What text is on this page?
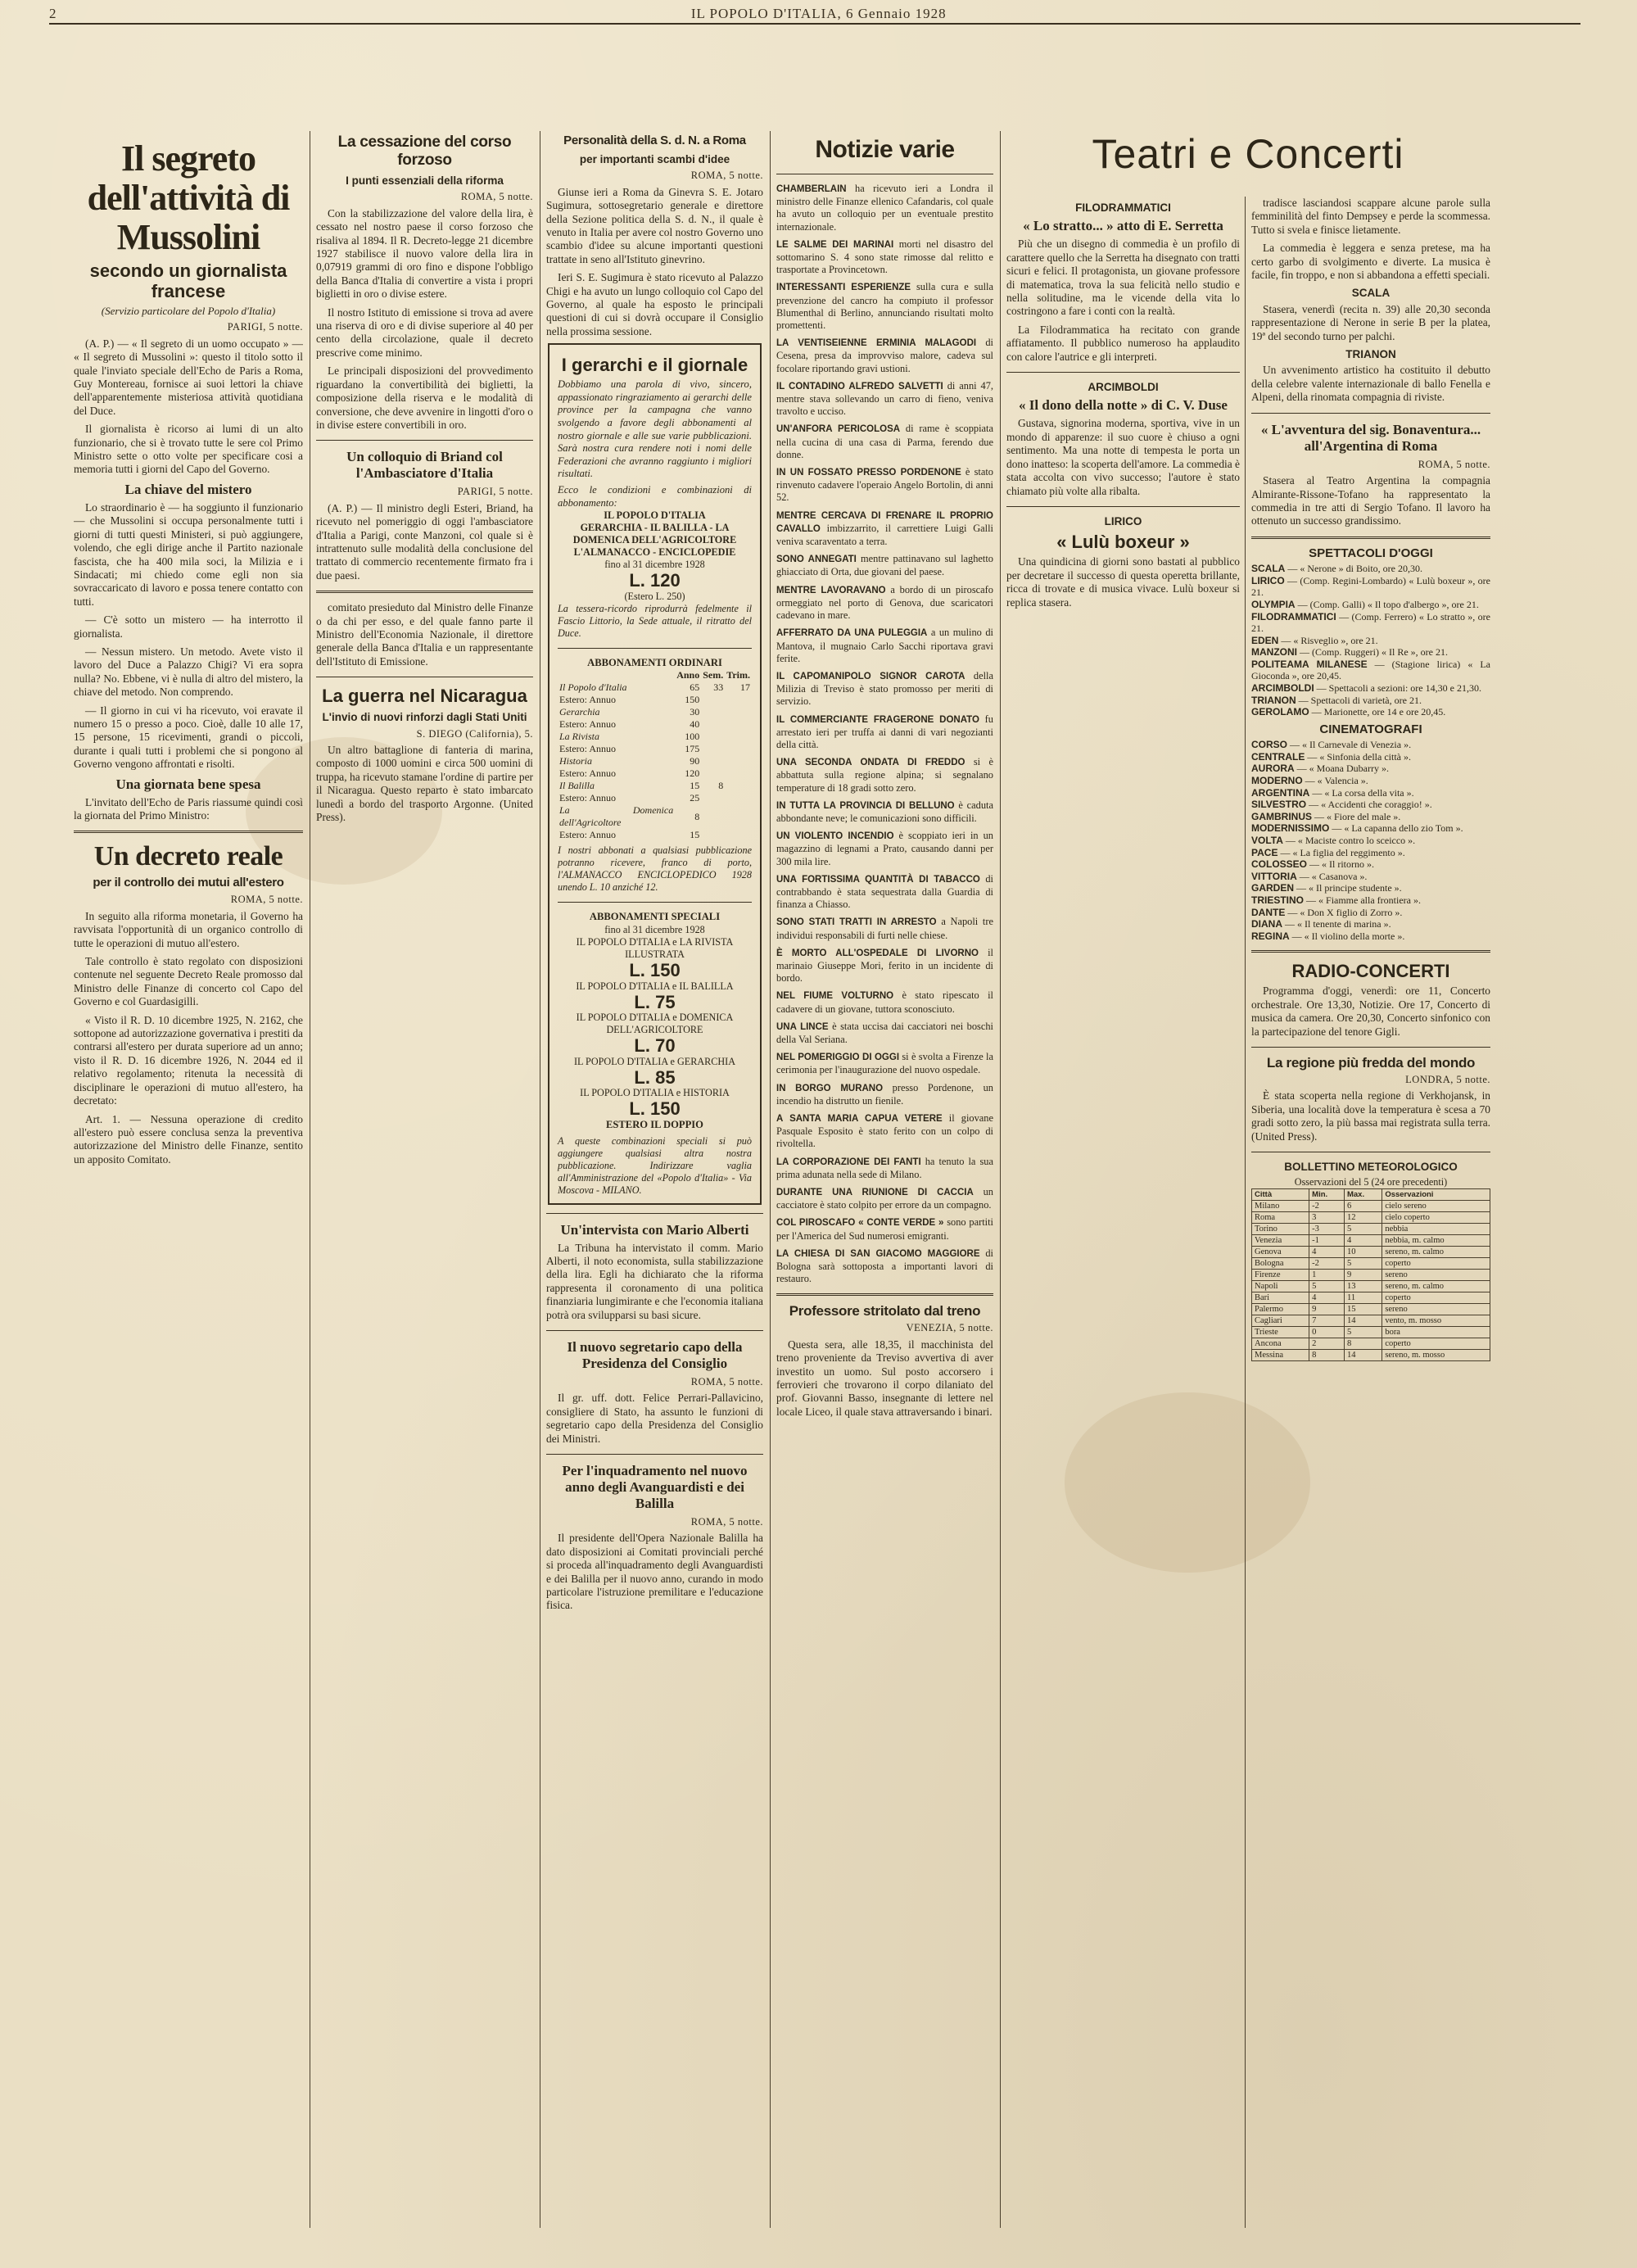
2	IL POPOLO D'ITALIA, 6 Gennaio 1928
Il segreto dell'attività di Mussolini
secondo un giornalista francese
(Servizio particolare del Popolo d'Italia)
PARIGI, 5 notte.

(A. P.) — « Il segreto di un uomo occupato » — « Il segreto di Mussolini »: questo il titolo sotto il quale l'inviato speciale dell'Echo de Paris a Roma, Guy Montereau, fornisce ai suoi lettori la chiave dell'apparentemente misteriosa attività quotidiana del Duce.

Il giornalista è ricorso ai lumi di un alto funzionario, che si è trovato tutte le sere col Primo Ministro sette o otto volte per specificare cosi a memoria tutti i giorni del Capo del Governo.

La chiave del mistero

Lo straordinario è — ha soggiunto il funzionario — che Mussolini si occupa personalmente tutti i giorni di tutti questi Ministeri, si può aggiungere, volendo, che egli dirige anche il Partito nazionale fascista, che ha 400 mila soci, la Milizia e i Sindacati; mi chiedo come egli non sia sovraccaricato di lavoro e possa tenere contatto con tutti.

— C'è sotto un mistero — ha interrotto il giornalista.

— Nessun mistero. Un metodo. Avete visto il lavoro del Duce a Palazzo Chigi? Vi era sopra nulla? No. Ebbene, vi è nulla di altro del mistero, la chiave del metodo. Non comprendo.

— Il giorno in cui vi ha ricevuto, voi eravate il numero 15 o presso a poco. Cioè, dalle 10 alle 17, 15 persone, 15 ricevimenti, grandi o piccoli, durante i quali tutti i problemi che si pongono al Governo vengono affrontati e risolti.

Una giornata bene spesa

L'invitato dell'Echo de Paris riassume quindi così la giornata del Primo Ministro:

Un decreto reale
per il controllo dei mutui all'estero
ROMA, 5 notte.

In seguito alla riforma monetaria, il Governo ha ravvisata l'opportunità di un organico controllo di tutte le operazioni di mutuo all'estero.

Tale controllo è stato regolato con disposizioni contenute nel seguente Decreto Reale promosso dal Ministro delle Finanze di concerto col Capo del Governo e col Guardasigilli.

« Visto il R. D. 10 dicembre 1925, N. 2162, che sottopone ad autorizzazione governativa i prestiti da contrarsi all'estero per durata superiore ad un anno; visto il R. D. 16 dicembre 1926, N. 2044 ed il relativo regolamento; ritenuta la necessità di disciplinare le operazioni di mutuo all'estero, ha decretato:

Art. 1. — Nessuna operazione di credito all'estero può essere conclusa senza la preventiva autorizzazione del Ministro delle Finanze, sentito un apposito Comitato.

La cessazione del corso forzoso
I punti essenziali della riforma
ROMA, 5 notte.

Con la stabilizzazione del valore della lira, è cessato nel nostro paese il corso forzoso che risaliva al 1894. Il R. Decreto-legge 21 dicembre 1927 stabilisce il nuovo valore della lira in 0,07919 grammi di oro fino e dispone l'obbligo della Banca d'Italia di convertire a vista i propri biglietti in oro o divise estere.

Il nostro Istituto di emissione si trova ad avere una riserva di oro e di divise superiore al 40 per cento della circolazione, quale il decreto prescrive come minimo.

Le principali disposizioni del provvedimento riguardano la convertibilità dei biglietti, la composizione della riserva e le modalità di conversione, che deve avvenire in lingotti d'oro o in divise estere convertibili in oro.

Un colloquio di Briand col l'Ambasciatore d'Italia
PARIGI, 5 notte.

(A. P.) — Il ministro degli Esteri, Briand, ha ricevuto nel pomeriggio di oggi l'ambasciatore d'Italia a Parigi, conte Manzoni, col quale si è intrattenuto sulle modalità della conclusione del trattato di commercio recentemente firmato fra i due paesi.

comitato presieduto dal Ministro delle Finanze o da chi per esso, e del quale fanno parte il Ministro dell'Economia Nazionale, il direttore generale della Banca d'Italia e un rappresentante dell'Istituto di Emissione.

La guerra nel Nicaragua
L'invio di nuovi rinforzi dagli Stati Uniti
S. DIEGO (California), 5.

Un altro battaglione di fanteria di marina, composto di 1000 uomini e circa 500 uomini di truppa, ha ricevuto stamane l'ordine di partire per il Nicaragua. Questo reparto è stato imbarcato lunedì a bordo del trasporto Argonne. (United Press).

Personalità della S. d. N. a Roma
per importanti scambi d'idee
ROMA, 5 notte.

Giunse ieri a Roma da Ginevra S. E. Jotaro Sugimura, sottosegretario generale e direttore della Sezione politica della S. d. N., il quale è venuto in Italia per avere col nostro Governo uno scambio d'idee su alcune importanti questioni trattate in seno all'Istituto ginevrino.

Ieri S. E. Sugimura è stato ricevuto al Palazzo Chigi e ha avuto un lungo colloquio col Capo del Governo, al quale ha esposto le principali questioni di cui si dovrà occupare il Consiglio nella prossima sessione.

I gerarchi e il giornale
Dobbiamo una parola di vivo, sincero, appassionato ringraziamento ai gerarchi delle province per la campagna che vanno svolgendo a favore degli abbonamenti al nostro giornale e alle sue varie pubblicazioni. Sarà nostra cura rendere noti i nomi delle Federazioni che avranno raggiunto i migliori risultati.
Ecco le condizioni e combinazioni di abbonamento:
IL POPOLO D'ITALIA
GERARCHIA - IL BALILLA - LA DOMENICA DELL'AGRICOLTORE
L'ALMANACCO - ENCICLOPEDIE
fino al 31 dicembre 1928
L. 120
(Estero L. 250)
La tessera-ricordo riprodurrà fedelmente il Fascio Littorio, la Sede attuale, il ritratto del Duce.
ABBONAMENTI ORDINARI
	Anno	Sem.	Trim.
Il Popolo d'Italia	65	33	17
Estero: Annuo	150		
Gerarchia	30		
Estero: Annuo	40		
La Rivista	100		
Estero: Annuo	175		
Historia	90		
Estero: Annuo	120		
Il Balilla	15	8	
Estero: Annuo	25		
La Domenica dell'Agricoltore	8		
Estero: Annuo	15		
I nostri abbonati a qualsiasi pubblicazione potranno ricevere, franco di porto, l'ALMANACCO ENCICLOPEDICO 1928 unendo L. 10 anziché 12.
ABBONAMENTI SPECIALI
fino al 31 dicembre 1928
IL POPOLO D'ITALIA e LA RIVISTA ILLUSTRATA
L. 150
IL POPOLO D'ITALIA e IL BALILLA
L. 75
IL POPOLO D'ITALIA e DOMENICA DELL'AGRICOLTORE
L. 70
IL POPOLO D'ITALIA e GERARCHIA
L. 85
IL POPOLO D'ITALIA e HISTORIA
L. 150
ESTERO IL DOPPIO
A queste combinazioni speciali si può aggiungere qualsiasi altra nostra pubblicazione. Indirizzare vaglia all'Amministrazione del «Popolo d'Italia» - Via Moscova - MILANO.
Un'intervista con Mario Alberti

La Tribuna ha intervistato il comm. Mario Alberti, il noto economista, sulla stabilizzazione della lira. Egli ha dichiarato che la riforma rappresenta il coronamento di una politica finanziaria lungimirante e che l'economia italiana potrà ora svilupparsi su basi sicure.

Il nuovo segretario capo della Presidenza del Consiglio
ROMA, 5 notte.

Il gr. uff. dott. Felice Perrari-Pallavicino, consigliere di Stato, ha assunto le funzioni di segretario capo della Presidenza del Consiglio dei Ministri.

Per l'inquadramento nel nuovo anno degli Avanguardisti e dei Balilla
ROMA, 5 notte.

Il presidente dell'Opera Nazionale Balilla ha dato disposizioni ai Comitati provinciali perché si proceda all'inquadramento degli Avanguardisti e dei Balilla per il nuovo anno, curando in modo particolare l'istruzione premilitare e l'educazione fisica.

Notizie varie
CHAMBERLAIN ha ricevuto ieri a Londra il ministro delle Finanze ellenico Cafandaris, col quale ha avuto un colloquio per un eventuale prestito internazionale.
LE SALME DEI MARINAI morti nel disastro del sottomarino S. 4 sono state rimosse dal relitto e trasportate a Provincetown.
INTERESSANTI ESPERIENZE sulla cura e sulla prevenzione del cancro ha compiuto il professor Blumenthal di Berlino, annunciando risultati molto promettenti.
LA VENTISEIENNE ERMINIA MALAGODI di Cesena, presa da improvviso malore, cadeva sul focolare riportando gravi ustioni.
IL CONTADINO ALFREDO SALVETTI di anni 47, mentre stava sollevando un carro di fieno, veniva travolto e ucciso.
UN'ANFORA PERICOLOSA di rame è scoppiata nella cucina di una casa di Parma, ferendo due donne.
IN UN FOSSATO PRESSO PORDENONE è stato rinvenuto cadavere l'operaio Angelo Bortolin, di anni 52.
MENTRE CERCAVA DI FRENARE IL PROPRIO CAVALLO imbizzarrito, il carrettiere Luigi Galli veniva scaraventato a terra.
SONO ANNEGATI mentre pattinavano sul laghetto ghiacciato di Orta, due giovani del paese.
MENTRE LAVORAVANO a bordo di un piroscafo ormeggiato nel porto di Genova, due scaricatori cadevano in mare.
AFFERRATO DA UNA PULEGGIA a un mulino di Mantova, il mugnaio Carlo Sacchi riportava gravi ferite.
IL CAPOMANIPOLO SIGNOR CAROTA della Milizia di Treviso è stato promosso per meriti di servizio.
IL COMMERCIANTE FRAGERONE DONATO fu arrestato ieri per truffa ai danni di vari negozianti della città.
UNA SECONDA ONDATA DI FREDDO si è abbattuta sulla regione alpina; si segnalano temperature di 18 gradi sotto zero.
IN TUTTA LA PROVINCIA DI BELLUNO è caduta abbondante neve; le comunicazioni sono difficili.
UN VIOLENTO INCENDIO è scoppiato ieri in un magazzino di legnami a Prato, causando danni per 300 mila lire.
UNA FORTISSIMA QUANTITÀ DI TABACCO di contrabbando è stata sequestrata dalla Guardia di finanza a Chiasso.
SONO STATI TRATTI IN ARRESTO a Napoli tre individui responsabili di furti nelle chiese.
È MORTO ALL'OSPEDALE DI LIVORNO il marinaio Giuseppe Mori, ferito in un incidente di bordo.
NEL FIUME VOLTURNO è stato ripescato il cadavere di un giovane, tuttora sconosciuto.
UNA LINCE è stata uccisa dai cacciatori nei boschi della Val Seriana.
NEL POMERIGGIO DI OGGI si è svolta a Firenze la cerimonia per l'inaugurazione del nuovo ospedale.
IN BORGO MURANO presso Pordenone, un incendio ha distrutto un fienile.
A SANTA MARIA CAPUA VETERE il giovane Pasquale Esposito è stato ferito con un colpo di rivoltella.
LA CORPORAZIONE DEI FANTI ha tenuto la sua prima adunata nella sede di Milano.
DURANTE UNA RIUNIONE DI CACCIA un cacciatore è stato colpito per errore da un compagno.
COL PIROSCAFO « CONTE VERDE » sono partiti per l'America del Sud numerosi emigranti.
LA CHIESA DI SAN GIACOMO MAGGIORE di Bologna sarà sottoposta a importanti lavori di restauro.
Professore stritolato dal treno
VENEZIA, 5 notte.

Questa sera, alle 18,35, il macchinista del treno proveniente da Treviso avvertiva di aver investito un uomo. Sul posto accorsero i ferrovieri che trovarono il corpo dilaniato del prof. Giovanni Basso, insegnante di lettere nel locale Liceo, il quale stava attraversando i binari.

Teatri e Concerti
FILODRAMMATICI
« Lo stratto... » atto di E. Serretta

Più che un disegno di commedia è un profilo di carattere quello che la Serretta ha disegnato con tratti sicuri e felici. Il protagonista, un giovane professore di matematica, trova la sua felicità nello studio e nella solitudine, ma le vicende della vita lo costringono a fare i conti con la realtà.

La Filodrammatica ha recitato con grande affiatamento. Il pubblico numeroso ha applaudito con calore l'autrice e gli interpreti.

ARCIMBOLDI
« Il dono della notte » di C. V. Duse

Gustava, signorina moderna, sportiva, vive in un mondo di apparenze: il suo cuore è chiuso a ogni sentimento. Ma una notte di tempesta le porta un dono inatteso: la scoperta dell'amore. La commedia è stata accolta con vivo successo; l'autore è stato chiamato più volte alla ribalta.

LIRICO
« Lulù boxeur »

Una quindicina di giorni sono bastati al pubblico per decretare il successo di questa operetta brillante, ricca di trovate e di musica vivace. Lulù boxeur si replica stasera.

tradisce lasciandosi scappare alcune parole sulla femminilità del finto Dempsey e perde la scommessa. Tutto si svela e finisce lietamente.

La commedia è leggera e senza pretese, ma ha certo garbo di svolgimento e diverte. La musica è facile, fin troppo, e non si abbandona a effetti speciali.

SCALA

Stasera, venerdì (recita n. 39) alle 20,30 seconda rappresentazione di Nerone in serie B per la platea, 19ª del secondo turno per palchi.

TRIANON

Un avvenimento artistico ha costituito il debutto della celebre valente internazionale di ballo Fenella e Alpeni, della rinomata compagnia di riviste.

« L'avventura del sig. Bonaventura... all'Argentina di Roma
ROMA, 5 notte.

Stasera al Teatro Argentina la compagnia Almirante-Rissone-Tofano ha rappresentato la commedia in tre atti di Sergio Tofano. Il lavoro ha ottenuto un successo grandissimo.

SPETTACOLI D'OGGI
SCALA — « Nerone » di Boito, ore 20,30.
LIRICO — (Comp. Regini-Lombardo) « Lulù boxeur », ore 21.
OLYMPIA — (Comp. Galli) « Il topo d'albergo », ore 21.
FILODRAMMATICI — (Comp. Ferrero) « Lo stratto », ore 21.
EDEN — « Risveglio », ore 21.
MANZONI — (Comp. Ruggeri) « Il Re », ore 21.
POLITEAMA MILANESE — (Stagione lirica) « La Gioconda », ore 20,45.
ARCIMBOLDI — Spettacoli a sezioni: ore 14,30 e 21,30.
TRIANON — Spettacoli di varietà, ore 21.
GEROLAMO — Marionette, ore 14 e ore 20,45.
CINEMATOGRAFI
CORSO — « Il Carnevale di Venezia ».
CENTRALE — « Sinfonia della città ».
AURORA — « Moana Dubarry ».
MODERNO — « Valencia ».
ARGENTINA — « La corsa della vita ».
SILVESTRO — « Accidenti che coraggio! ».
GAMBRINUS — « Fiore del male ».
MODERNISSIMO — « La capanna dello zio Tom ».
VOLTA — « Maciste contro lo sceicco ».
PACE — « La figlia del reggimento ».
COLOSSEO — « Il ritorno ».
VITTORIA — « Casanova ».
GARDEN — « Il principe studente ».
TRIESTINO — « Fiamme alla frontiera ».
DANTE — « Don X figlio di Zorro ».
DIANA — « Il tenente di marina ».
REGINA — « Il violino della morte ».
RADIO-CONCERTI

Programma d'oggi, venerdì: ore 11, Concerto orchestrale. Ore 13,30, Notizie. Ore 17, Concerto di musica da camera. Ore 20,30, Concerto sinfonico con la partecipazione del tenore Gigli.

La regione più fredda del mondo
LONDRA, 5 notte.

È stata scoperta nella regione di Verkhojansk, in Siberia, una località dove la temperatura è scesa a 70 gradi sotto zero, la più bassa mai registrata sulla terra. (United Press).

BOLLETTINO METEOROLOGICO
Osservazioni del 5 (24 ore precedenti)
Città	Min.	Max.	Osservazioni
Milano	-2	6	cielo sereno
Roma	3	12	cielo coperto
Torino	-3	5	nebbia
Venezia	-1	4	nebbia, m. calmo
Genova	4	10	sereno, m. calmo
Bologna	-2	5	coperto
Firenze	1	9	sereno
Napoli	5	13	sereno, m. calmo
Bari	4	11	coperto
Palermo	9	15	sereno
Cagliari	7	14	vento, m. mosso
Trieste	0	5	bora
Ancona	2	8	coperto
Messina	8	14	sereno, m. mosso
